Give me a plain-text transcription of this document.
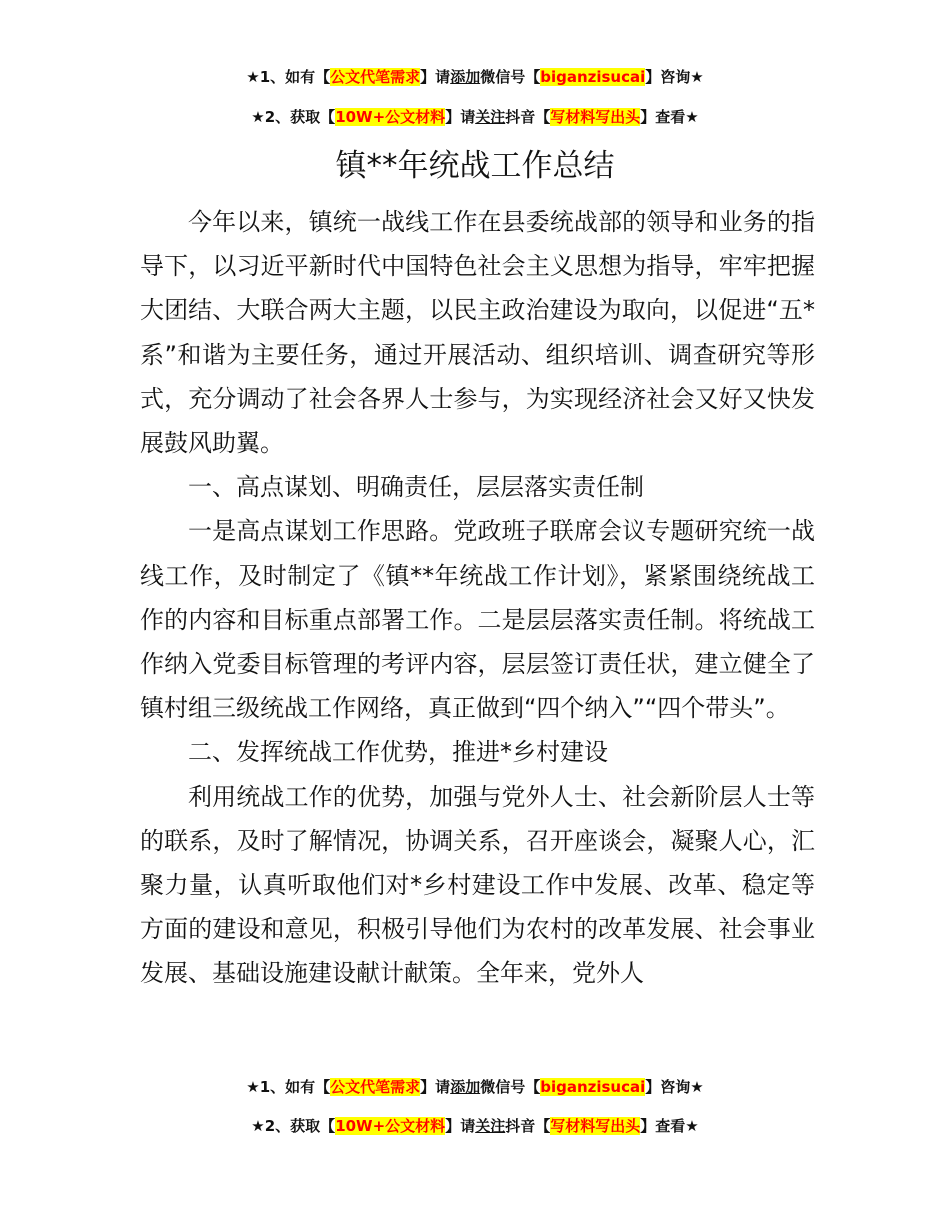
★1、如有【公文代笔需求】请添加微信号【biganzisucai】咨询★
★2、获取【10W+公文材料】请关注抖音【写材料写出头】查看★
镇**年统战工作总结

今年以来，镇统一战线工作在县委统战部的领导和业务的指导下，以习近平新时代中国特色社会主义思想为指导，牢牢把握大团结、大联合两大主题，以民主政治建设为取向，以促进“五*系”和谐为主要任务，通过开展活动、组织培训、调查研究等形式，充分调动了社会各界人士参与，为实现经济社会又好又快发展鼓风助翼。

一、高点谋划、明确责任，层层落实责任制

一是高点谋划工作思路。党政班子联席会议专题研究统一战线工作，及时制定了《镇**年统战工作计划》，紧紧围绕统战工作的内容和目标重点部署工作。二是层层落实责任制。将统战工作纳入党委目标管理的考评内容，层层签订责任状，建立健全了镇村组三级统战工作网络，真正做到“四个纳入”“四个带头”。

二、发挥统战工作优势，推进*乡村建设

利用统战工作的优势，加强与党外人士、社会新阶层人士等的联系，及时了解情况，协调关系，召开座谈会，凝聚人心，汇聚力量，认真听取他们对*乡村建设工作中发展、改革、稳定等方面的建设和意见，积极引导他们为农村的改革发展、社会事业发展、基础设施建设献计献策。全年来，党外人

★1、如有【公文代笔需求】请添加微信号【biganzisucai】咨询★
★2、获取【10W+公文材料】请关注抖音【写材料写出头】查看★
